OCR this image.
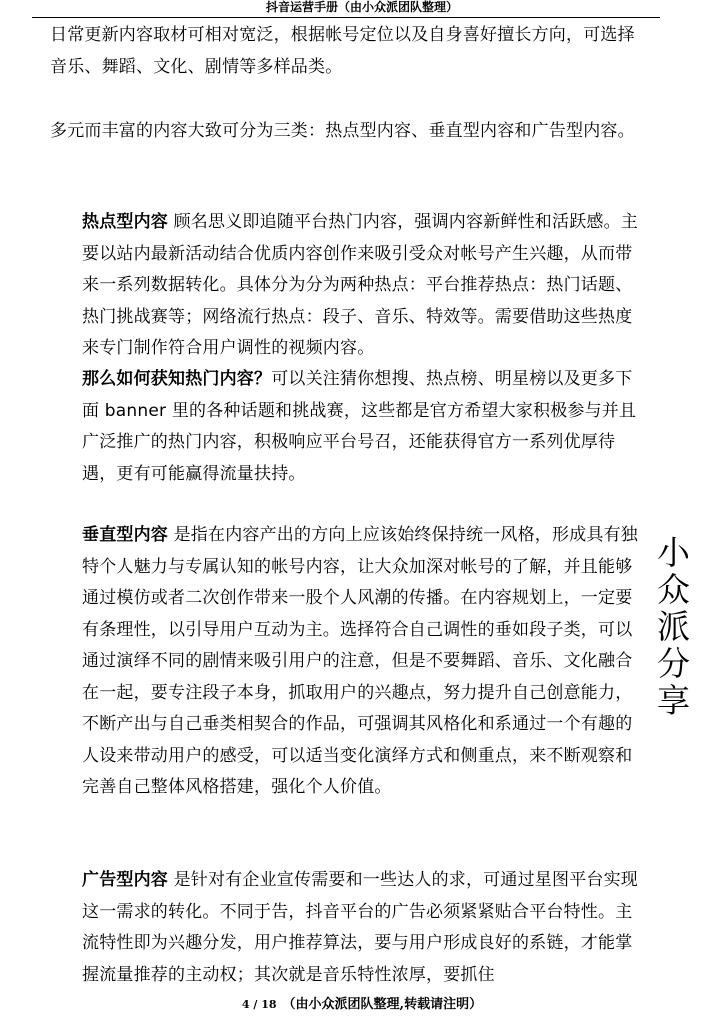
抖音运营手册（由小众派团队整理）

日常更新内容取材可相对宽泛，根据帐号定位以及自身喜好擅长方向，可选择音乐、舞蹈、文化、剧情等多样品类。

多元而丰富的内容大致可分为三类：热点型内容、垂直型内容和广告型内容。

热点型内容 顾名思义即追随平台热门内容，强调内容新鲜性和活跃感。主要以站内最新活动结合优质内容创作来吸引受众对帐号产生兴趣，从而带来一系列数据转化。具体分为分为两种热点：平台推荐热点：热门话题、热门挑战赛等；网络流行热点：段子、音乐、特效等。需要借助这些热度来专门制作符合用户调性的视频内容。

那么如何获知热门内容？可以关注猜你想搜、热点榜、明星榜以及更多下面 banner 里的各种话题和挑战赛，这些都是官方希望大家积极参与并且广泛推广的热门内容，积极响应平台号召，还能获得官方一系列优厚待遇，更有可能赢得流量扶持。

垂直型内容 是指在内容产出的方向上应该始终保持统一风格，形成具有独特个人魅力与专属认知的帐号内容，让大众加深对帐号的了解，并且能够通过模仿或者二次创作带来一股个人风潮的传播。在内容规划上，一定要有条理性，以引导用户互动为主。选择符合自己调性的垂如段子类，可以通过演绎不同的剧情来吸引用户的注意，但是不要舞蹈、音乐、文化融合在一起，要专注段子本身，抓取用户的兴趣点，努力提升自己创意能力，不断产出与自己垂类相契合的作品，可强调其风格化和系通过一个有趣的人设来带动用户的感受，可以适当变化演绎方式和侧重点，来不断观察和完善自己整体风格搭建，强化个人价值。

广告型内容 是针对有企业宣传需要和一些达人的求，可通过星图平台实现这一需求的转化。不同于告，抖音平台的广告必须紧紧贴合平台特性。主流特性即为兴趣分发，用户推荐算法，要与用户形成良好的系链，才能掌握流量推荐的主动权；其次就是音乐特性浓厚，要抓住

小众派分享
4 / 18 （由小众派团队整理,转载请注明）
